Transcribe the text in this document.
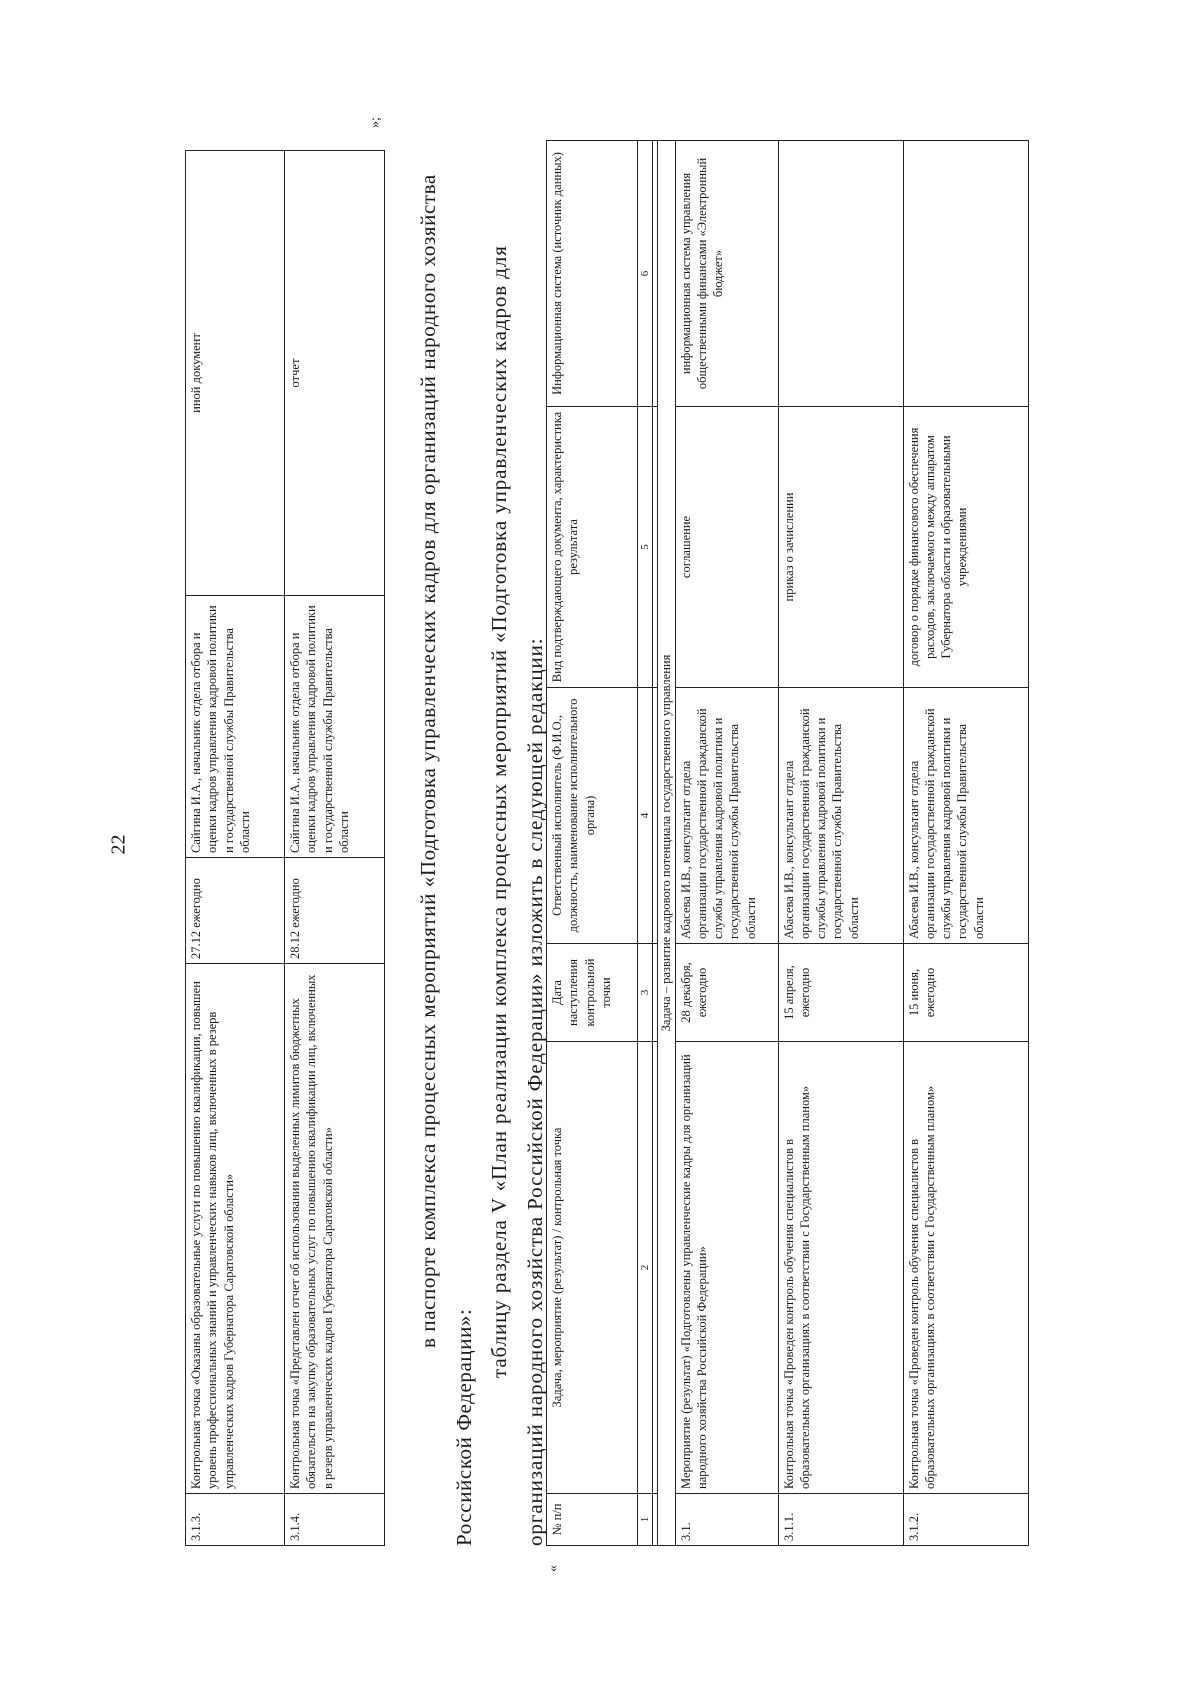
22
3.1.3.	Контрольная точка «Оказаны образовательные услуги по повышению квалификации, повышен уровень профессиональных знаний и управленческих навыков лиц, включенных в резерв управленческих кадров Губернатора Саратовской области»	27.12 ежегодно	Сайгина И.А., начальник отдела отбора и оценки кадров управления кадровой политики и государственной службы Правительства области	иной документ
3.1.4.	Контрольная точка «Представлен отчет об использовании выделенных лимитов бюджетных обязательств на закупку образовательных услуг по повышению квалификации лиц, включенных в резерв управленческих кадров Губернатора Саратовской области»	28.12 ежегодно	Сайгина И.А., начальник отдела отбора и оценки кадров управления кадровой политики и государственной службы Правительства области	отчет
»;
в паспорте комплекса процессных мероприятий «Подготовка управленческих кадров для организаций народного хозяйства Российской Федерации»:
таблицу раздела V «План реализации комплекса процессных мероприятий «Подготовка управленческих кадров для организаций народного хозяйства Российской Федерации» изложить в следующей редакции:
«
№ п/п	Задача, мероприятие (результат) / контрольная точка	Дата наступления контрольной точки	Ответственный исполнитель (Ф.И.О., должность, наименование исполнительного органа)	Вид подтверждающего документа, характеристика результата	Информационная система (источник данных)
1	2	3	4	5	6

Задача – развитие кадрового потенциала государственного управления					
3.1.	Мероприятие (результат) «Подготовлены управленческие кадры для организаций народного хозяйства Российской Федерации»	28 декабря, ежегодно	Абасева И.В., консультант отдела организации государственной гражданской службы управления кадровой политики и государственной службы Правительства области	соглашение	информационная система управления общественными финансами «Электронный бюджет»
3.1.1.	Контрольная точка «Проведен контроль обучения специалистов в образовательных организациях в соответствии с Государственным планом»	15 апреля, ежегодно	Абасева И.В., консультант отдела организации государственной гражданской службы управления кадровой политики и государственной службы Правительства области	приказ о зачислении	
3.1.2.	Контрольная точка «Проведен контроль обучения специалистов в образовательных организациях в соответствии с Государственным планом»	15 июня, ежегодно	Абасева И.В., консультант отдела организации государственной гражданской службы управления кадровой политики и государственной службы Правительства области	договор о порядке финансового обеспечения расходов, заключаемого между аппаратом Губернатора области и образовательными учреждениями	
